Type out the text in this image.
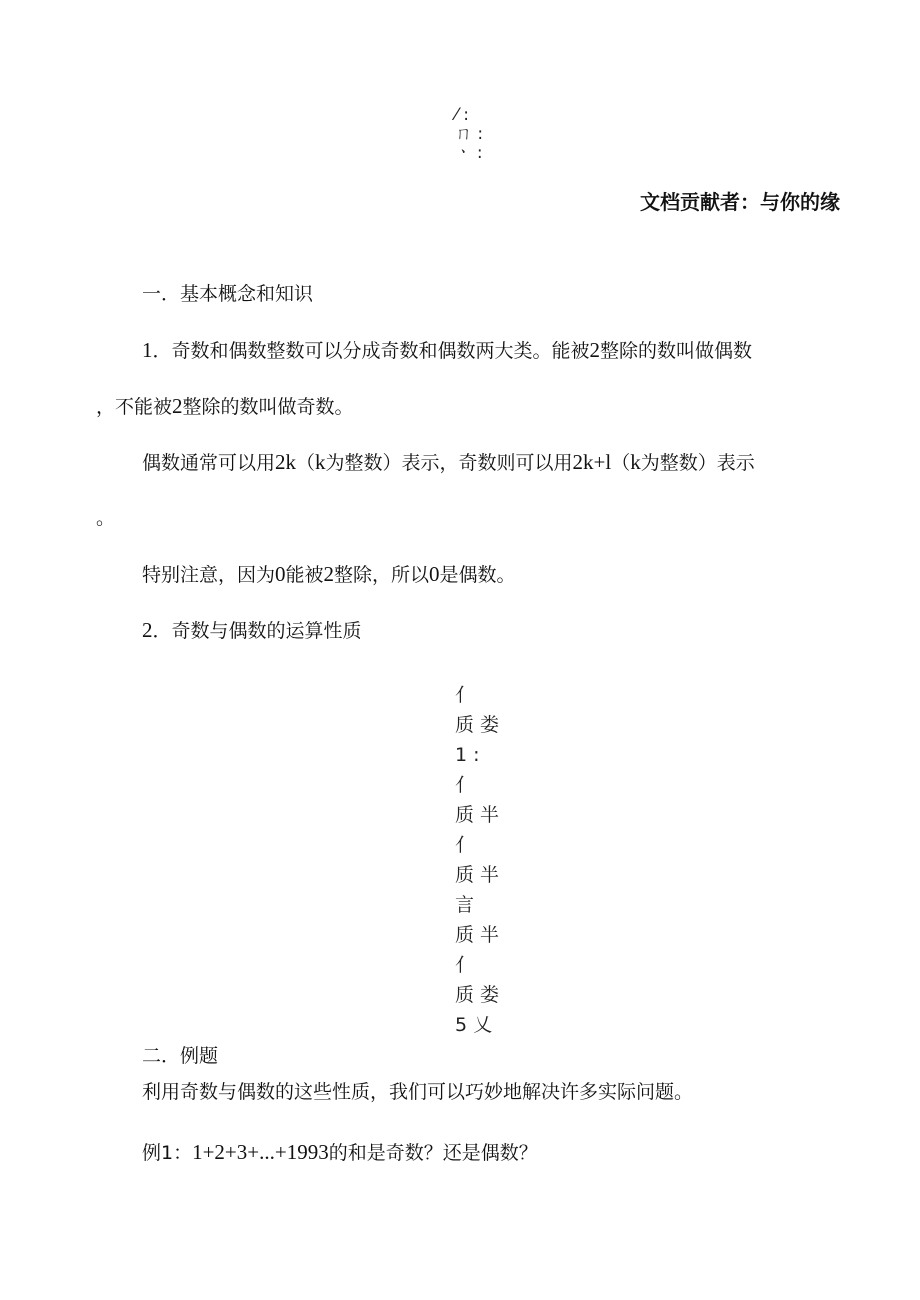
⁄ :
ㄇ :
ㆍ :
文档贡献者：与你的缘
一．基本概念和知识
1．奇数和偶数整数可以分成奇数和偶数两大类。能被2整除的数叫做偶数
，不能被2整除的数叫做奇数。
偶数通常可以用2k（k为整数）表示，奇数则可以用2k+l（k为整数）表示
。
特别注意，因为0能被2整除，所以0是偶数。
2．奇数与偶数的运算性质
亻
质 娄
1 :
亻
质 半
亻
质 半
言
质 半
亻
质 娄
5 乂
二．例题
利用奇数与偶数的这些性质，我们可以巧妙地解决许多实际问题。
例1：1+2+3+...+1993的和是奇数？还是偶数？
